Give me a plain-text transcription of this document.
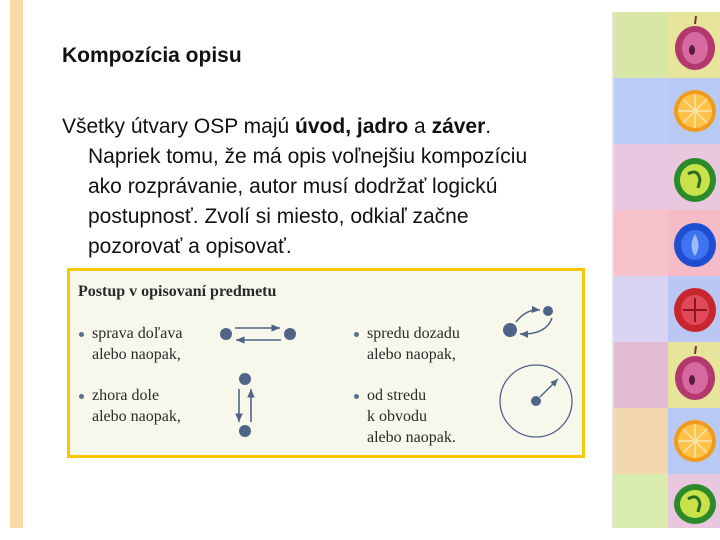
Kompozícia opisu

Všetky útvary OSP majú úvod, jadro a záver.
Napriek tomu, že má opis voľnejšiu kompozíciu
ako rozprávanie, autor musí dodržať logickú
postupnosť. Zvolí si miesto, odkiaľ začne
pozorovať a opisovať.

Postup v opisovaní predmetu
sprava doľava
alebo naopak,
zhora dole
alebo naopak,
spredu dozadu
alebo naopak,
od stredu
k obvodu
alebo naopak.
